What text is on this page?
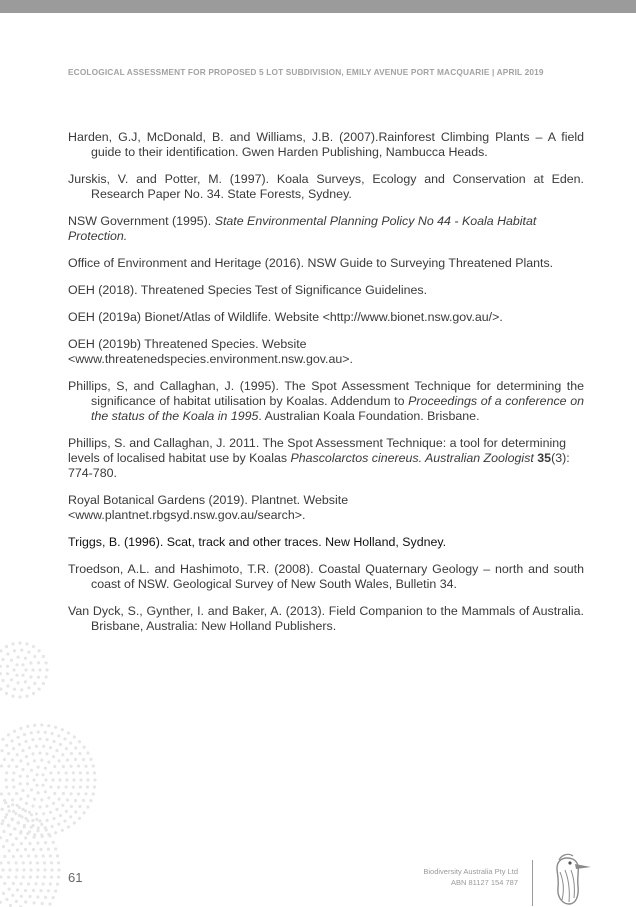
ECOLOGICAL ASSESSMENT FOR PROPOSED 5 LOT SUBDIVISION, EMILY AVENUE PORT MACQUARIE | APRIL 2019

Harden, G.J, McDonald, B. and Williams, J.B. (2007).Rainforest Climbing Plants – A field guide to their identification. Gwen Harden Publishing, Nambucca Heads.

Jurskis, V. and Potter, M. (1997). Koala Surveys, Ecology and Conservation at Eden. Research Paper No. 34. State Forests, Sydney.

NSW Government (1995). State Environmental Planning Policy No 44 - Koala Habitat Protection.

Office of Environment and Heritage (2016). NSW Guide to Surveying Threatened Plants.

OEH (2018). Threatened Species Test of Significance Guidelines.

OEH (2019a) Bionet/Atlas of Wildlife. Website <http://www.bionet.nsw.gov.au/>.

OEH (2019b) Threatened Species. Website <www.threatenedspecies.environment.nsw.gov.au>.

Phillips, S, and Callaghan, J. (1995). The Spot Assessment Technique for determining the significance of habitat utilisation by Koalas. Addendum to Proceedings of a conference on the status of the Koala in 1995. Australian Koala Foundation. Brisbane.

Phillips, S. and Callaghan, J. 2011. The Spot Assessment Technique: a tool for determining levels of localised habitat use by Koalas Phascolarctos cinereus. Australian Zoologist 35(3): 774-780.

Royal Botanical Gardens (2019). Plantnet. Website <www.plantnet.rbgsyd.nsw.gov.au/search>.

Triggs, B. (1996). Scat, track and other traces. New Holland, Sydney.

Troedson, A.L. and Hashimoto, T.R. (2008). Coastal Quaternary Geology – north and south coast of NSW. Geological Survey of New South Wales, Bulletin 34.

Van Dyck, S., Gynther, I. and Baker, A. (2013). Field Companion to the Mammals of Australia. Brisbane, Australia: New Holland Publishers.

61	Biodiversity Australia Pty Ltd
ABN 81127 154 787
